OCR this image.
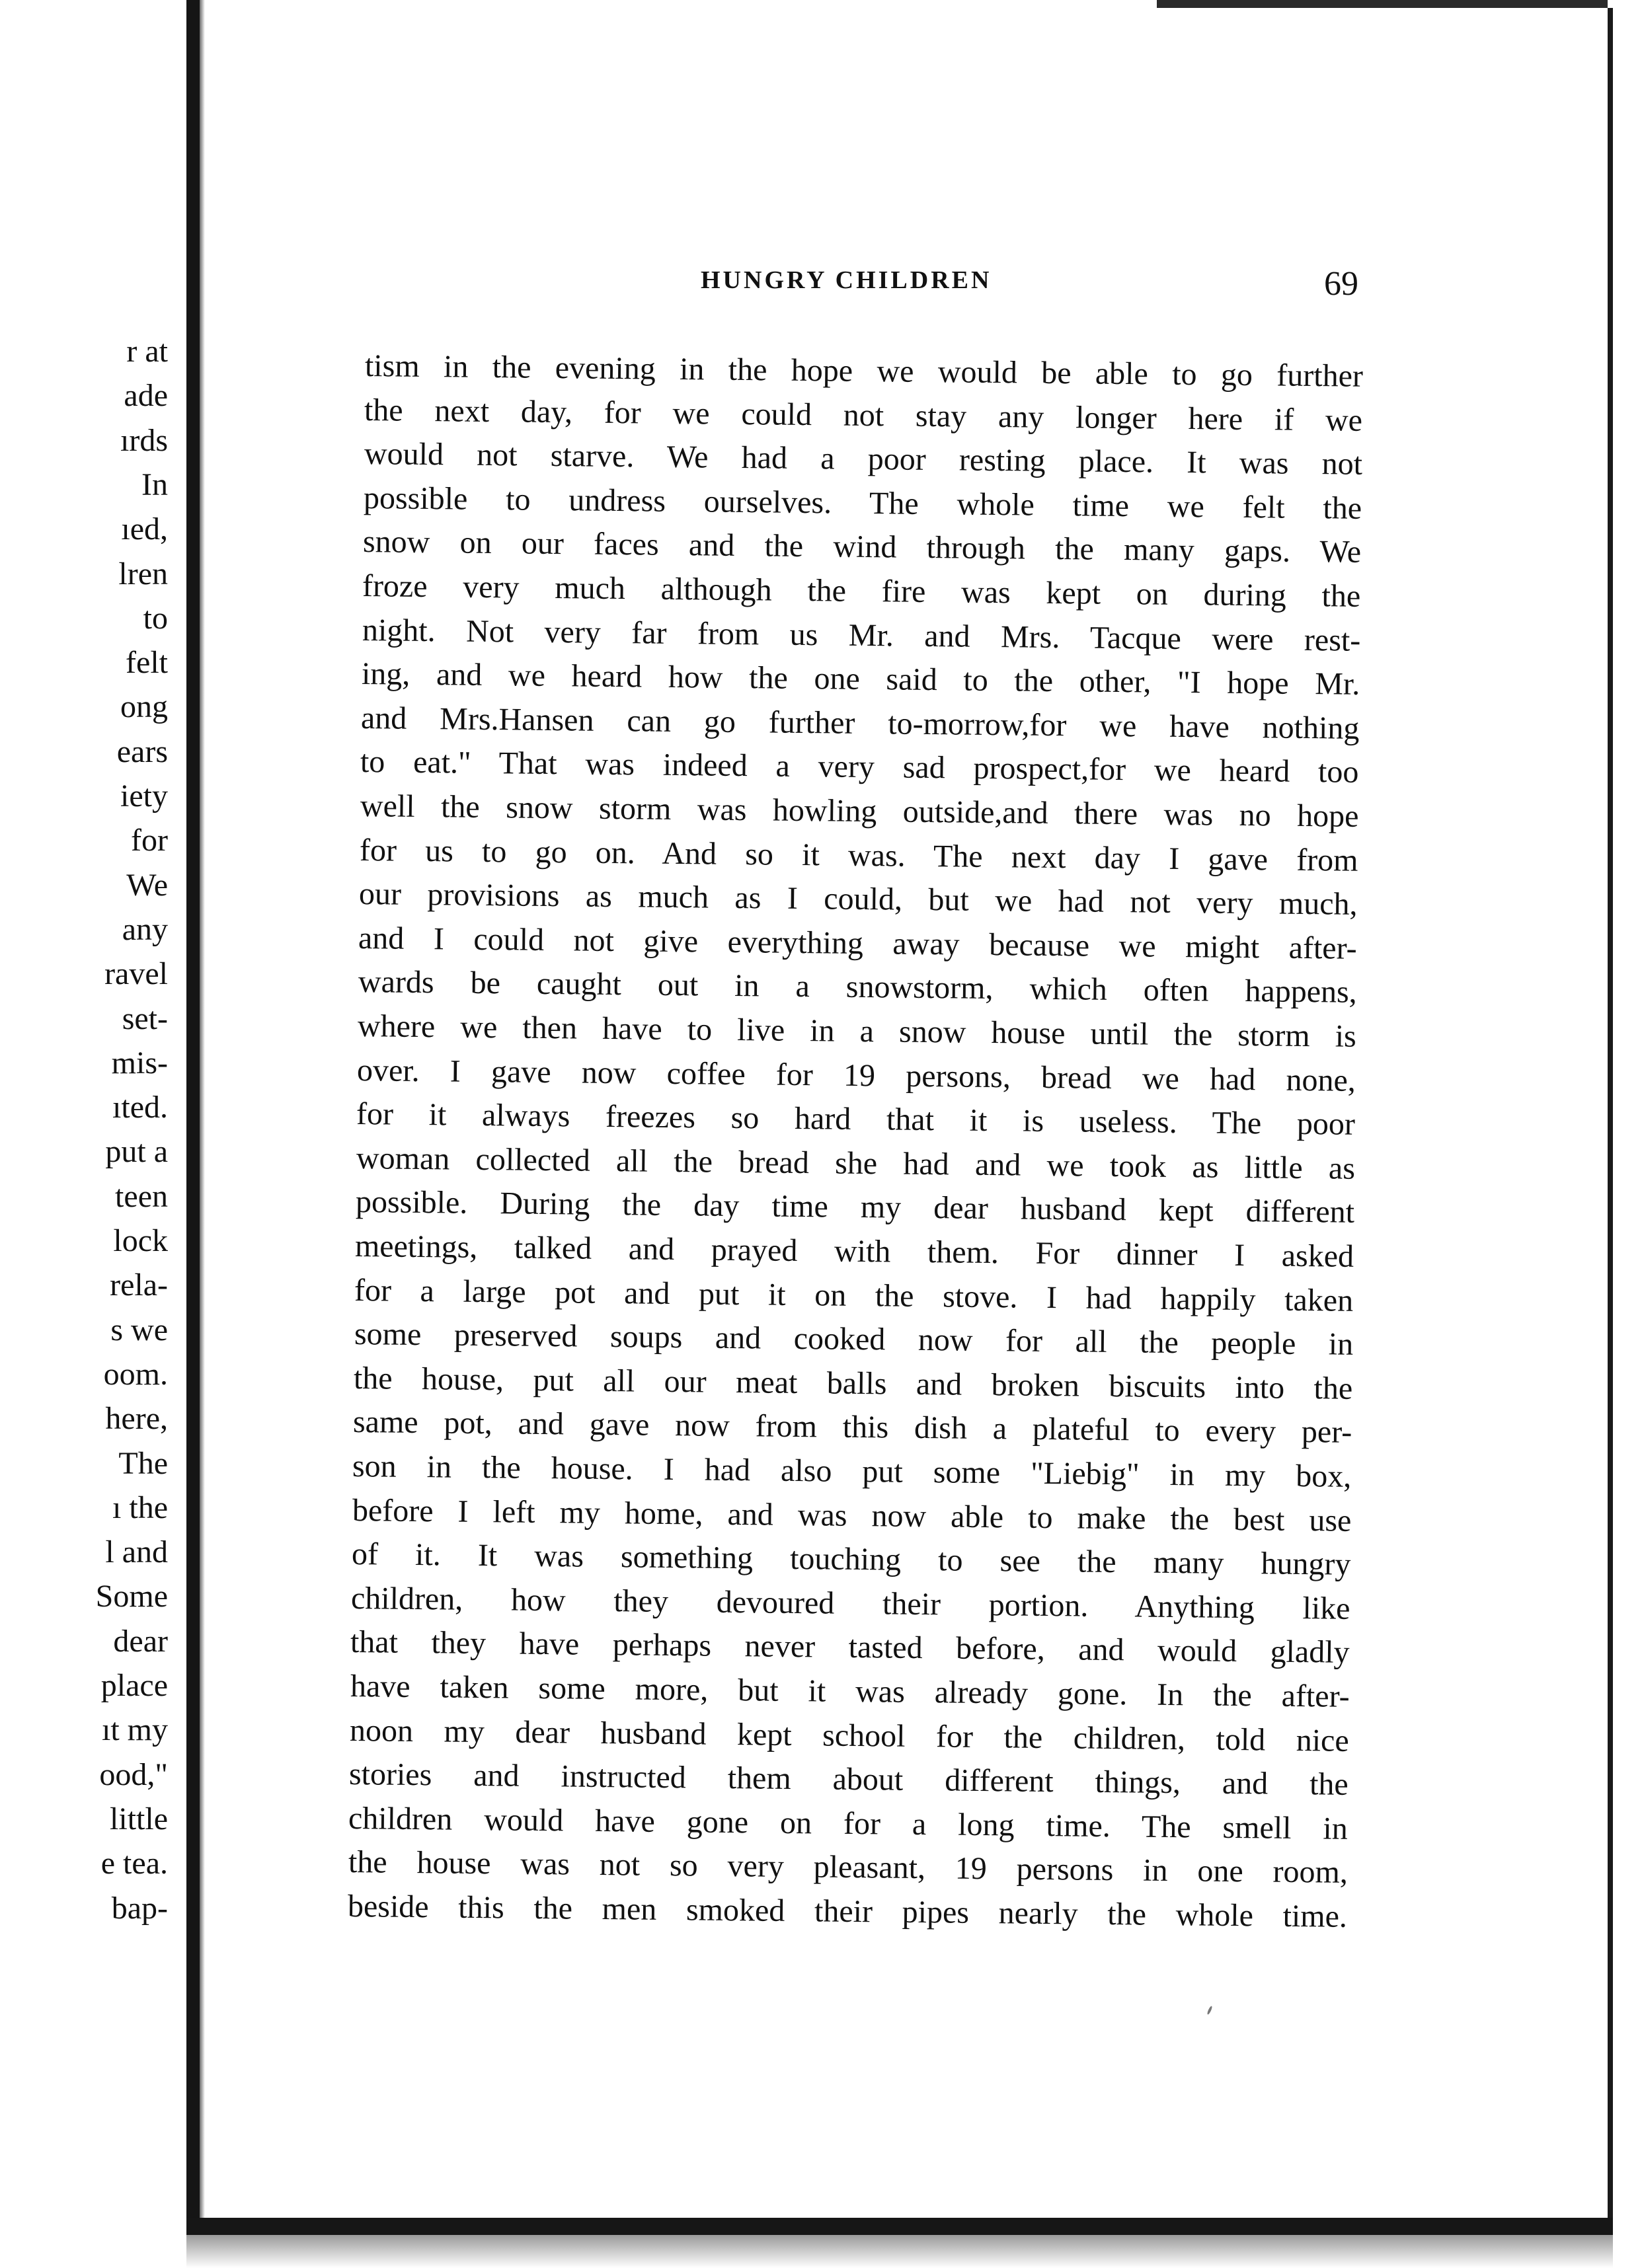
r at
ade
ırds
In
ıed,
lren
to
felt
ong
ears
iety
for
We
any
ravel
set-
mis-
ıted.
put a
teen
lock
rela-
s we
oom.
here,
The
ı the
l and
Some
dear
place
ıt my
ood,"
little
e tea.
bap-
HUNGRY CHILDREN	69
tism in the evening in the hope we would be able to go further
the next day, for we could not stay any longer here if we
would not starve. We had a poor resting place. It was not
possible to undress ourselves. The whole time we felt the
snow on our faces and the wind through the many gaps. We
froze very much although the fire was kept on during the
night. Not very far from us Mr. and Mrs. Tacque were rest-
ing, and we heard how the one said to the other, "I hope Mr.
and Mrs.Hansen can go further to-morrow,for we have nothing
to eat." That was indeed a very sad prospect,for we heard too
well the snow storm was howling outside,and there was no hope
for us to go on. And so it was. The next day I gave from
our provisions as much as I could, but we had not very much,
and I could not give everything away because we might after-
wards be caught out in a snowstorm, which often happens,
where we then have to live in a snow house until the storm is
over. I gave now coffee for 19 persons, bread we had none,
for it always freezes so hard that it is useless. The poor
woman collected all the bread she had and we took as little as
possible. During the day time my dear husband kept different
meetings, talked and prayed with them. For dinner I asked
for a large pot and put it on the stove. I had happily taken
some preserved soups and cooked now for all the people in
the house, put all our meat balls and broken biscuits into the
same pot, and gave now from this dish a plateful to every per-
son in the house. I had also put some "Liebig" in my box,
before I left my home, and was now able to make the best use
of it. It was something touching to see the many hungry
children, how they devoured their portion. Anything like
that they have perhaps never tasted before, and would gladly
have taken some more, but it was already gone. In the after-
noon my dear husband kept school for the children, told nice
stories and instructed them about different things, and the
children would have gone on for a long time. The smell in
the house was not so very pleasant, 19 persons in one room,
beside this the men smoked their pipes nearly the whole time.
